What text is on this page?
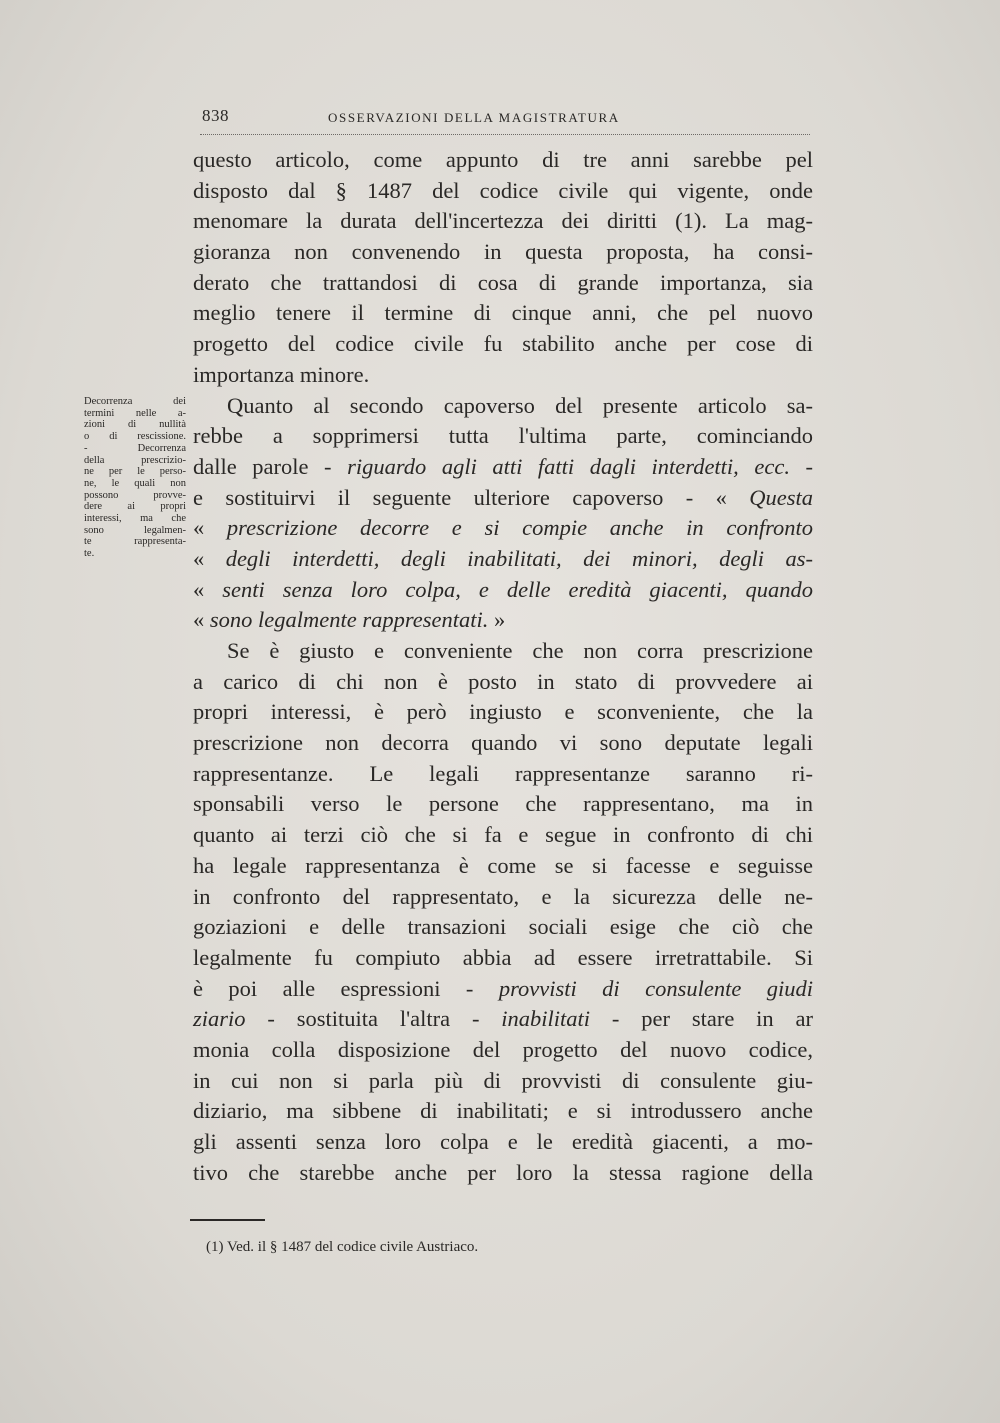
838	OSSERVAZIONI DELLA MAGISTRATURA
Decorrenza dei
termini nelle a-
zioni di nullità
o di rescissione.
- Decorrenza
della prescrizio-
ne per le perso-
ne, le quali non
possono provve-
dere ai propri
interessi, ma che
sono legalmen-
te rappresenta-
te.
questo articolo, come appunto di tre anni sarebbe pel
disposto dal § 1487 del codice civile qui vigente, onde
menomare la durata dell'incertezza dei diritti (1). La mag-
gioranza non convenendo in questa proposta, ha consi-
derato che trattandosi di cosa di grande importanza, sia
meglio tenere il termine di cinque anni, che pel nuovo
progetto del codice civile fu stabilito anche per cose di
importanza minore.
Quanto al secondo capoverso del presente articolo sa-
rebbe a sopprimersi tutta l'ultima parte, cominciando
dalle parole - riguardo agli atti fatti dagli interdetti, ecc. -
e sostituirvi il seguente ulteriore capoverso - « Questa
« prescrizione decorre e si compie anche in confronto
« degli interdetti, degli inabilitati, dei minori, degli as-
« senti senza loro colpa, e delle eredità giacenti, quando
« sono legalmente rappresentati. »
Se è giusto e conveniente che non corra prescrizione
a carico di chi non è posto in stato di provvedere ai
propri interessi, è però ingiusto e sconveniente, che la
prescrizione non decorra quando vi sono deputate legali
rappresentanze. Le legali rappresentanze saranno ri-
sponsabili verso le persone che rappresentano, ma in
quanto ai terzi ciò che si fa e segue in confronto di chi
ha legale rappresentanza è come se si facesse e seguisse
in confronto del rappresentato, e la sicurezza delle ne-
goziazioni e delle transazioni sociali esige che ciò che
legalmente fu compiuto abbia ad essere irretrattabile. Si
è poi alle espressioni - provvisti di consulente giudi
ziario - sostituita l'altra - inabilitati - per stare in ar
monia colla disposizione del progetto del nuovo codice,
in cui non si parla più di provvisti di consulente giu-
diziario, ma sibbene di inabilitati; e si introdussero anche
gli assenti senza loro colpa e le eredità giacenti, a mo-
tivo che starebbe anche per loro la stessa ragione della
(1) Ved. il § 1487 del codice civile Austriaco.
